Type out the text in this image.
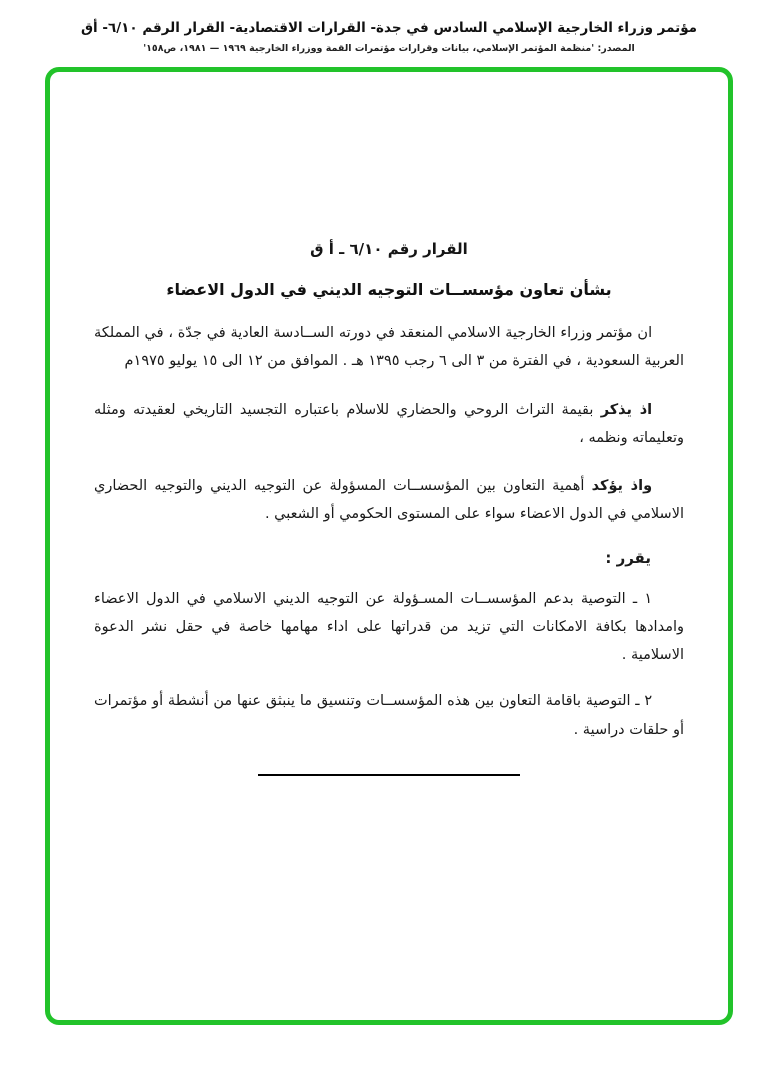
مؤتمر وزراء الخارجية الإسلامي السادس في جدة- القرارات الاقتصادية- القرار الرقم ٦/١٠- أق
المصدر: 'منظمة المؤتمر الإسلامي، بيانات وقرارات مؤتمرات القمة ووزراء الخارجية ١٩٦٩ — ١٩٨١، ص١٥٨'
القرار رقم ٦/١٠ ـ أ ق
بشأن تعاون مؤسســات التوجيه الديني في الدول الاعضاء

ان مؤتمر وزراء الخارجية الاسلامي المنعقد في دورته الســادسة العادية في جدّة ، في المملكة العربية السعودية ، في الفترة من ٣ الى ٦ رجب ١٣٩٥ هـ . الموافق من ١٢ الى ١٥ يوليو ١٩٧٥م

اذ يذكر بقيمة التراث الروحي والحضاري للاسلام باعتباره التجسيد التاريخي لعقيدته ومثله وتعليماته ونظمه ،

واذ يؤكد أهمية التعاون بين المؤسســات المسؤولة عن التوجيه الديني والتوجيه الحضاري الاسلامي في الدول الاعضاء سواء على المستوى الحكومي أو الشعبي .

يقرر :

١ ـ التوصية بدعم المؤسســات المسـؤولة عن التوجيه الديني الاسلامي في الدول الاعضاء وامدادها بكافة الامكانات التي تزيد من قدراتها على اداء مهامها خاصة في حقل نشر الدعوة الاسلامية .

٢ ـ التوصية باقامة التعاون بين هذه المؤسســات وتنسيق ما ينبثق عنها من أنشطة أو مؤتمرات أو حلقات دراسية .
